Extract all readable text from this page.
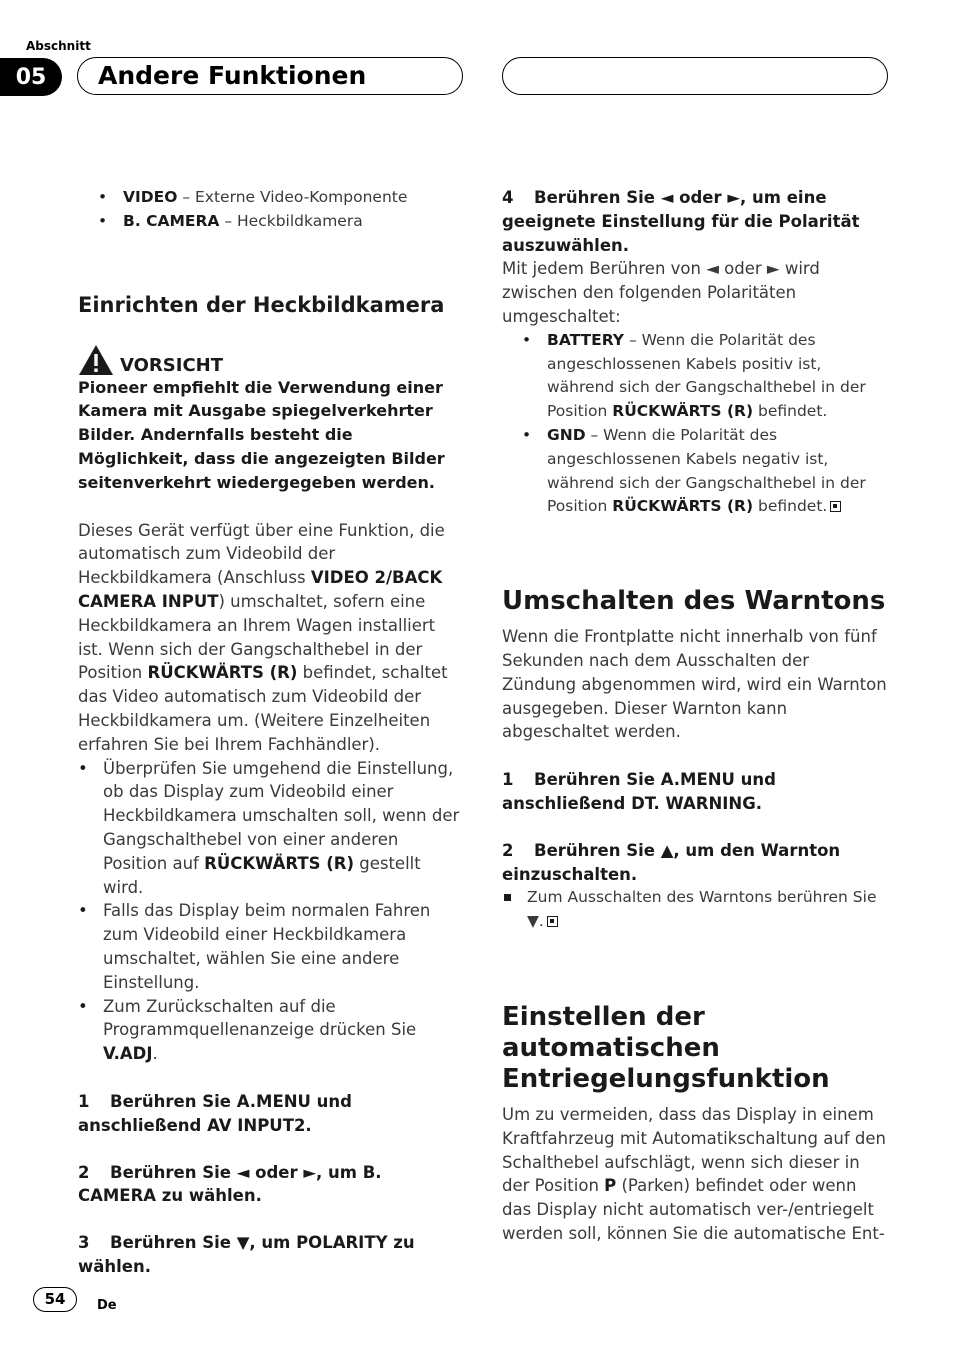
Abschnitt
05	Andere Funktionen
• VIDEO – Externe Video-Komponente
• B. CAMERA – Heckbildkamera
Einrichten der Heckbildkamera
VORSICHT

Pioneer empfiehlt die Verwendung einer Kamera mit Ausgabe spiegelverkehrter Bilder. Andernfalls besteht die Möglichkeit, dass die angezeigten Bilder seitenverkehrt wiedergegeben werden.

Dieses Gerät verfügt über eine Funktion, die automatisch zum Videobild der Heckbildkamera (Anschluss VIDEO 2/BACK CAMERA INPUT) umschaltet, sofern eine Heckbildkamera an Ihrem Wagen installiert ist. Wenn sich der Gangschalthebel in der Position RÜCKWÄRTS (R) befindet, schaltet das Video automatisch zum Videobild der Heckbildkamera um. (Weitere Einzelheiten erfahren Sie bei Ihrem Fachhändler).

• Überprüfen Sie umgehend die Einstellung, ob das Display zum Videobild einer Heckbildkamera umschalten soll, wenn der Gangschalthebel von einer anderen Position auf RÜCKWÄRTS (R) gestellt wird.
• Falls das Display beim normalen Fahren zum Videobild einer Heckbildkamera umschaltet, wählen Sie eine andere Einstellung.
• Zum Zurückschalten auf die Programmquellenanzeige drücken Sie V.ADJ.

1 Berühren Sie A.MENU und anschließend AV INPUT2.

2 Berühren Sie ◄ oder ►, um B. CAMERA zu wählen.

3 Berühren Sie ▼, um POLARITY zu wählen.

4 Berühren Sie ◄ oder ►, um eine geeignete Einstellung für die Polarität auszuwählen.

Mit jedem Berühren von ◄ oder ► wird zwischen den folgenden Polaritäten umgeschaltet:

• BATTERY – Wenn die Polarität des angeschlossenen Kabels positiv ist, während sich der Gangschalthebel in der Position RÜCKWÄRTS (R) befindet.
• GND – Wenn die Polarität des angeschlossenen Kabels negativ ist, während sich der Gangschalthebel in der Position RÜCKWÄRTS (R) befindet.
Umschalten des Warntons

Wenn die Frontplatte nicht innerhalb von fünf Sekunden nach dem Ausschalten der Zündung abgenommen wird, wird ein Warnton ausgegeben. Dieser Warnton kann abgeschaltet werden.

1 Berühren Sie A.MENU und anschließend DT. WARNING.

2 Berühren Sie ▲, um den Warnton einzuschalten.

Zum Ausschalten des Warntons berühren Sie ▼.

Einstellen der automatischen Entriegelungsfunktion

Um zu vermeiden, dass das Display in einem Kraftfahrzeug mit Automatikschaltung auf den Schalthebel aufschlägt, wenn sich dieser in der Position P (Parken) befindet oder wenn das Display nicht automatisch ver-/entriegelt werden soll, können Sie die automatische Ent-

54	De
